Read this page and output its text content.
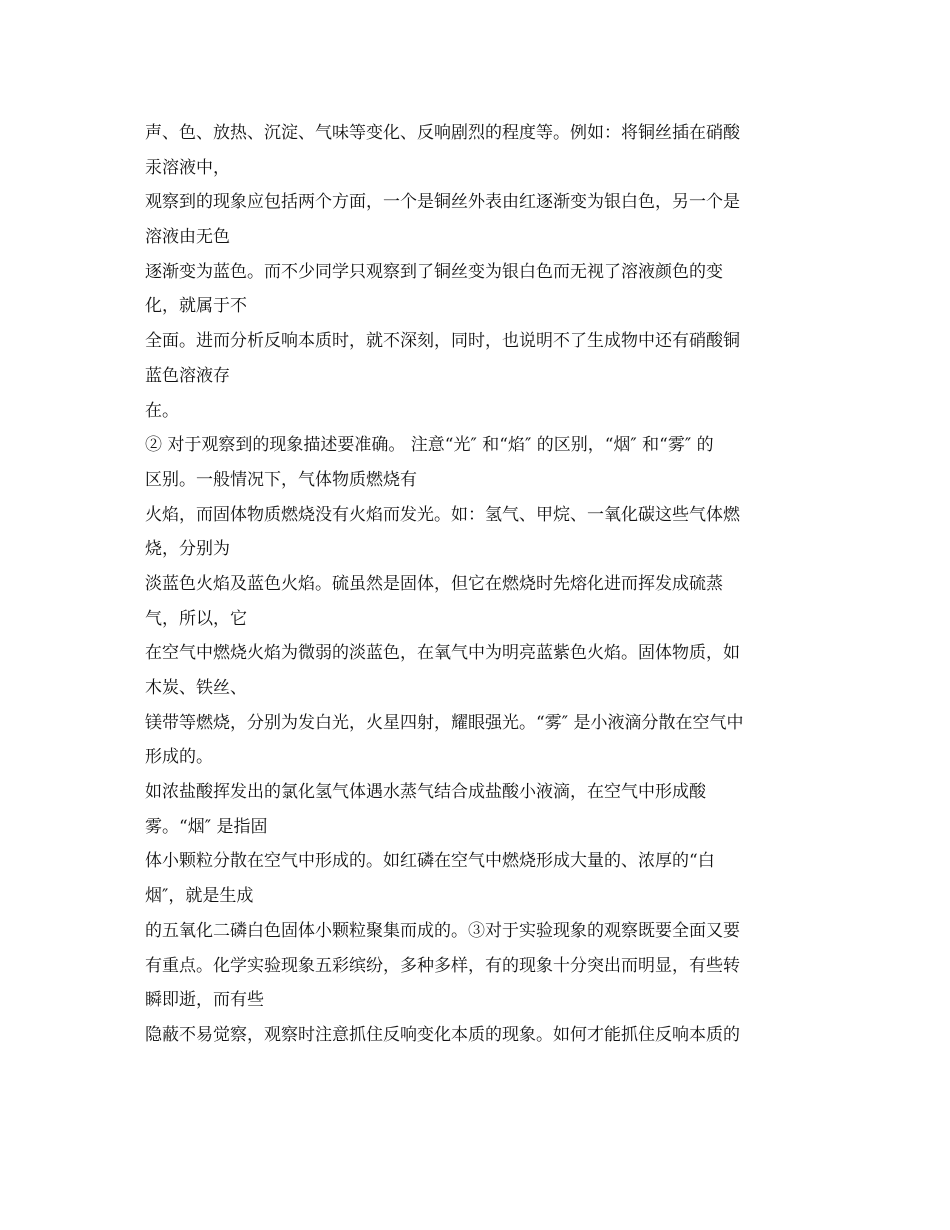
声、色、放热、沉淀、气味等变化、反响剧烈的程度等。例如：将铜丝插在硝酸
汞溶液中，
观察到的现象应包括两个方面，一个是铜丝外表由红逐渐变为银白色，另一个是
溶液由无色
逐渐变为蓝色。而不少同学只观察到了铜丝变为银白色而无视了溶液颜色的变
化，就属于不
全面。进而分析反响本质时，就不深刻，同时，也说明不了生成物中还有硝酸铜
蓝色溶液存
在。
② 对于观察到的现象描述要准确。 注意“光″ 和“焰″ 的区别，“烟″ 和“雾″ 的
区别。一般情况下，气体物质燃烧有
火焰，而固体物质燃烧没有火焰而发光。如：氢气、甲烷、一氧化碳这些气体燃
烧，分别为
淡蓝色火焰及蓝色火焰。硫虽然是固体，但它在燃烧时先熔化进而挥发成硫蒸
气，所以，它
在空气中燃烧火焰为微弱的淡蓝色，在氧气中为明亮蓝紫色火焰。固体物质，如
木炭、铁丝、
镁带等燃烧，分别为发白光，火星四射，耀眼强光。“雾″ 是小液滴分散在空气中
形成的。
如浓盐酸挥发出的氯化氢气体遇水蒸气结合成盐酸小液滴，在空气中形成酸
雾。“烟″ 是指固
体小颗粒分散在空气中形成的。如红磷在空气中燃烧形成大量的、浓厚的“白
烟″，就是生成
的五氧化二磷白色固体小颗粒聚集而成的。③对于实验现象的观察既要全面又要
有重点。化学实验现象五彩缤纷，多种多样，有的现象十分突出而明显，有些转
瞬即逝，而有些
隐蔽不易觉察，观察时注意抓住反响变化本质的现象。如何才能抓住反响本质的
